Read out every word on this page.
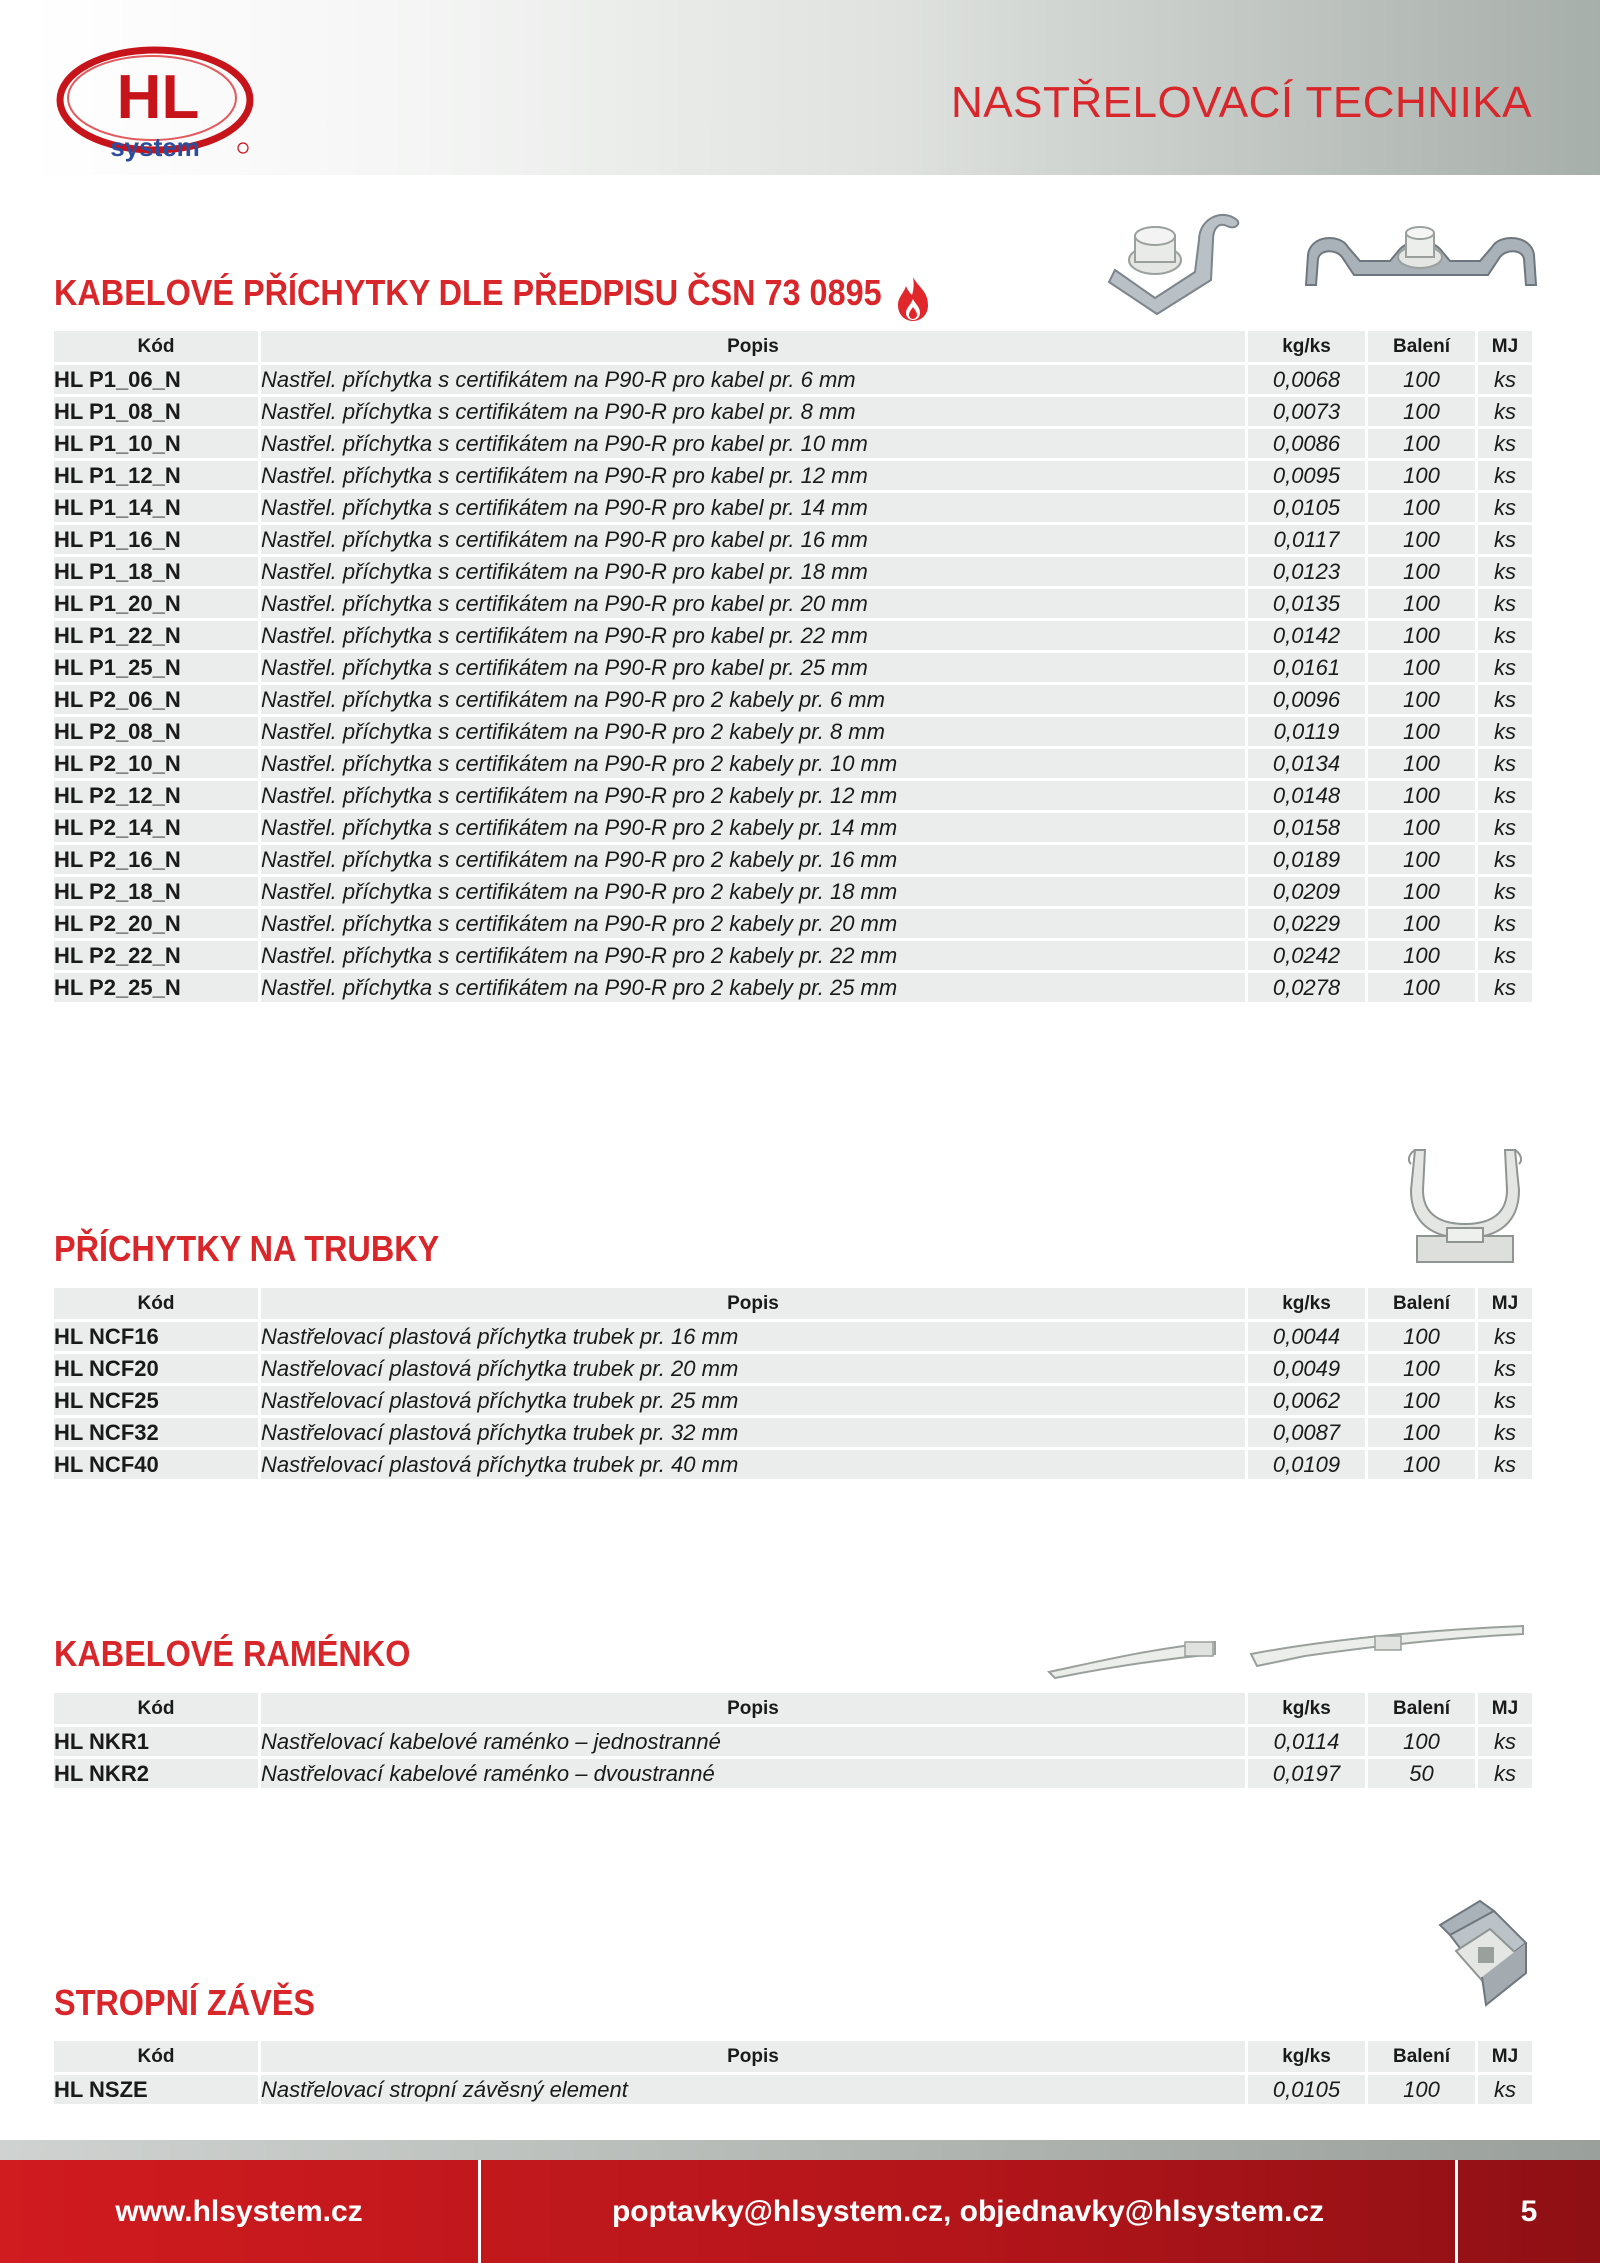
HL
system
NASTŘELOVACÍ TECHNIKA
KABELOVÉ PŘÍCHYTKY DLE PŘEDPISU ČSN 73 0895
Kód	Popis	kg/ks	Balení	MJ
HL P1_06_N	Nastřel. příchytka s certifikátem na P90-R pro kabel pr. 6 mm	0,0068	100	ks
HL P1_08_N	Nastřel. příchytka s certifikátem na P90-R pro kabel pr. 8 mm	0,0073	100	ks
HL P1_10_N	Nastřel. příchytka s certifikátem na P90-R pro kabel pr. 10 mm	0,0086	100	ks
HL P1_12_N	Nastřel. příchytka s certifikátem na P90-R pro kabel pr. 12 mm	0,0095	100	ks
HL P1_14_N	Nastřel. příchytka s certifikátem na P90-R pro kabel pr. 14 mm	0,0105	100	ks
HL P1_16_N	Nastřel. příchytka s certifikátem na P90-R pro kabel pr. 16 mm	0,0117	100	ks
HL P1_18_N	Nastřel. příchytka s certifikátem na P90-R pro kabel pr. 18 mm	0,0123	100	ks
HL P1_20_N	Nastřel. příchytka s certifikátem na P90-R pro kabel pr. 20 mm	0,0135	100	ks
HL P1_22_N	Nastřel. příchytka s certifikátem na P90-R pro kabel pr. 22 mm	0,0142	100	ks
HL P1_25_N	Nastřel. příchytka s certifikátem na P90-R pro kabel pr. 25 mm	0,0161	100	ks
HL P2_06_N	Nastřel. příchytka s certifikátem na P90-R pro 2 kabely pr. 6 mm	0,0096	100	ks
HL P2_08_N	Nastřel. příchytka s certifikátem na P90-R pro 2 kabely pr. 8 mm	0,0119	100	ks
HL P2_10_N	Nastřel. příchytka s certifikátem na P90-R pro 2 kabely pr. 10 mm	0,0134	100	ks
HL P2_12_N	Nastřel. příchytka s certifikátem na P90-R pro 2 kabely pr. 12 mm	0,0148	100	ks
HL P2_14_N	Nastřel. příchytka s certifikátem na P90-R pro 2 kabely pr. 14 mm	0,0158	100	ks
HL P2_16_N	Nastřel. příchytka s certifikátem na P90-R pro 2 kabely pr. 16 mm	0,0189	100	ks
HL P2_18_N	Nastřel. příchytka s certifikátem na P90-R pro 2 kabely pr. 18 mm	0,0209	100	ks
HL P2_20_N	Nastřel. příchytka s certifikátem na P90-R pro 2 kabely pr. 20 mm	0,0229	100	ks
HL P2_22_N	Nastřel. příchytka s certifikátem na P90-R pro 2 kabely pr. 22 mm	0,0242	100	ks
HL P2_25_N	Nastřel. příchytka s certifikátem na P90-R pro 2 kabely pr. 25 mm	0,0278	100	ks
PŘÍCHYTKY NA TRUBKY
Kód	Popis	kg/ks	Balení	MJ
HL NCF16	Nastřelovací plastová příchytka trubek pr. 16 mm	0,0044	100	ks
HL NCF20	Nastřelovací plastová příchytka trubek pr. 20 mm	0,0049	100	ks
HL NCF25	Nastřelovací plastová příchytka trubek pr. 25 mm	0,0062	100	ks
HL NCF32	Nastřelovací plastová příchytka trubek pr. 32 mm	0,0087	100	ks
HL NCF40	Nastřelovací plastová příchytka trubek pr. 40 mm	0,0109	100	ks
KABELOVÉ RAMÉNKO
Kód	Popis	kg/ks	Balení	MJ
HL NKR1	Nastřelovací kabelové raménko – jednostranné	0,0114	100	ks
HL NKR2	Nastřelovací kabelové raménko – dvoustranné	0,0197	50	ks
STROPNÍ ZÁVĚS
Kód	Popis	kg/ks	Balení	MJ
HL NSZE	Nastřelovací stropní závěsný element	0,0105	100	ks
www.hlsystem.cz	poptavky@hlsystem.cz, objednavky@hlsystem.cz	5
